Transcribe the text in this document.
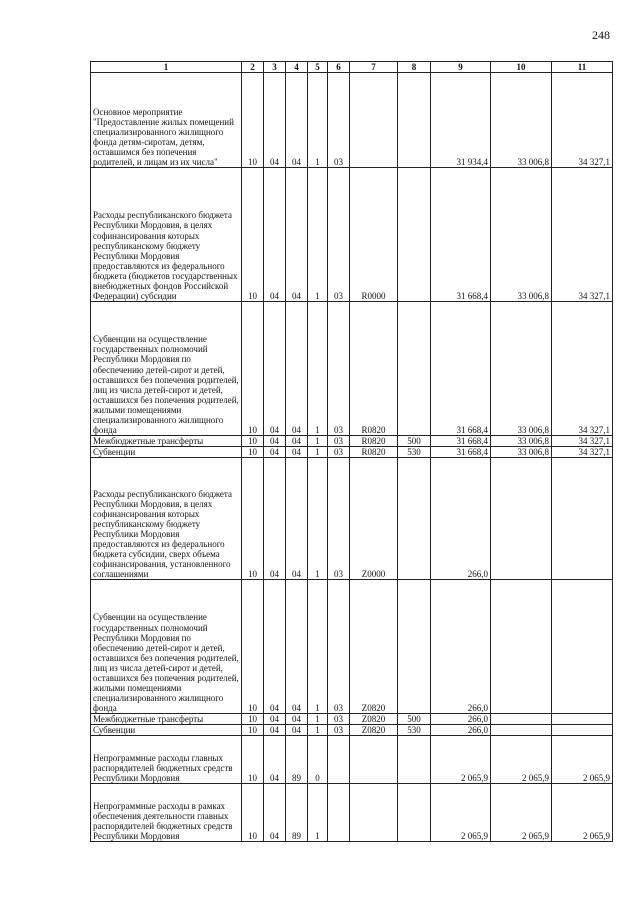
248
1	2	3	4	5	6	7	8	9	10	11
Основное мероприятие "Предоставление жилых помещений специализированного жилищного фонда детям-сиротам, детям, оставшимся без попечения родителей, и лицам из их числа"	10	04	04	1	03			31 934,4	33 006,8	34 327,1
Расходы республиканского бюджета Республики Мордовия, в целях софинансирования которых республиканскому бюджету Республики Мордовия предоставляются из федерального бюджета (бюджетов государственных внебюджетных фондов Российской Федерации) субсидии	10	04	04	1	03	R0000		31 668,4	33 006,8	34 327,1
Субвенции на осуществление государственных полномочий Республики Мордовия по обеспечению детей-сирот и детей, оставшихся без попечения родителей, лиц из числа детей-сирот и детей, оставшихся без попечения родителей, жилыми помещениями специализированного жилищного фонда	10	04	04	1	03	R0820		31 668,4	33 006,8	34 327,1
Межбюджетные трансферты	10	04	04	1	03	R0820	500	31 668,4	33 006,8	34 327,1
Субвенции	10	04	04	1	03	R0820	530	31 668,4	33 006,8	34 327,1
Расходы республиканского бюджета Республики Мордовия, в целях софинансирования которых республиканскому бюджету Республики Мордовия предоставляются из федерального бюджета субсидии, сверх объема софинансирования, установленного соглашениями	10	04	04	1	03	Z0000		266,0		
Субвенции на осуществление государственных полномочий Республики Мордовия по обеспечению детей-сирот и детей, оставшихся без попечения родителей, лиц из числа детей-сирот и детей, оставшихся без попечения родителей, жилыми помещениями специализированного жилищного фонда	10	04	04	1	03	Z0820		266,0		
Межбюджетные трансферты	10	04	04	1	03	Z0820	500	266,0		
Субвенции	10	04	04	1	03	Z0820	530	266,0		
Непрограммные расходы главных распорядителей бюджетных средств Республики Мордовия	10	04	89	0				2 065,9	2 065,9	2 065,9
Непрограммные расходы в рамках обеспечения деятельности главных распорядителей бюджетных средств Республики Мордовия	10	04	89	1				2 065,9	2 065,9	2 065,9
